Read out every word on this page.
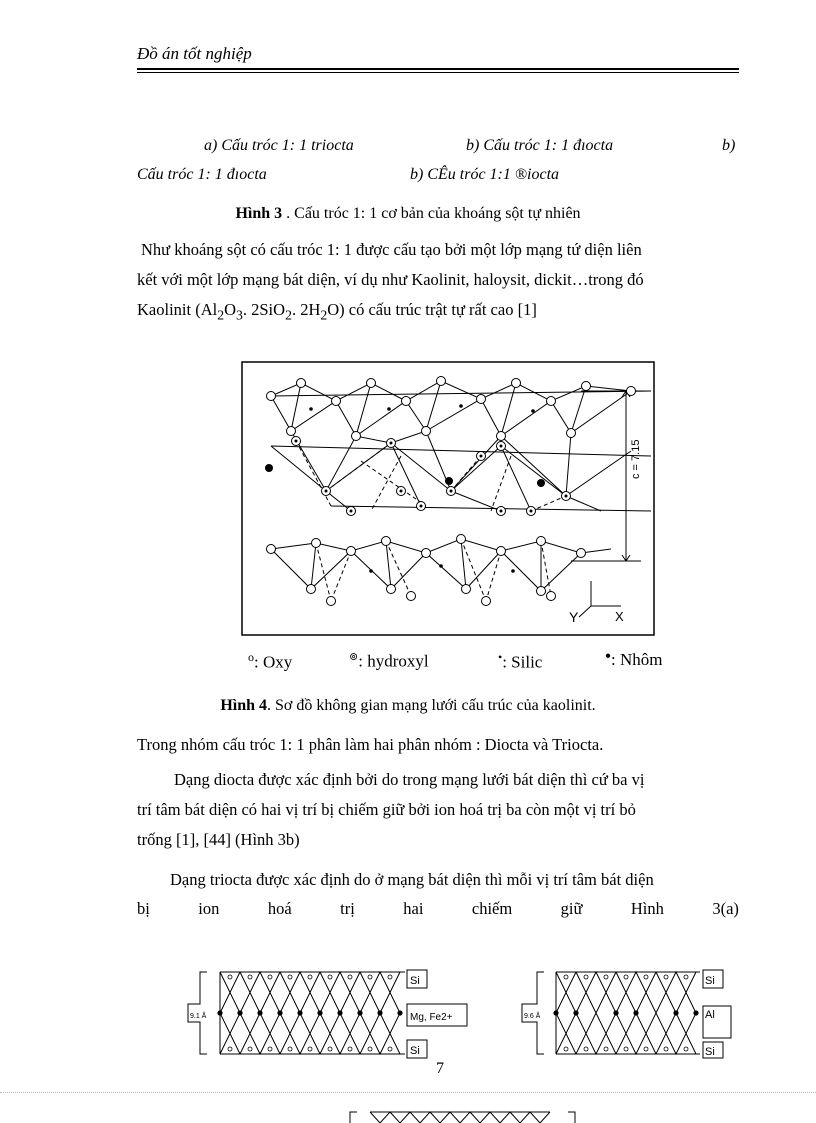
Đồ án tốt nghiệp
a) Cấu tróc 1: 1 triocta	b) Cấu tróc 1: 1 đıocta	b)
Cấu tróc 1: 1 đıocta	b) CÊu tróc 1:1 ®iocta
Hình 3 . Cấu tróc 1: 1 cơ bản của khoáng sột tự nhiên
Như khoáng sột có cấu tróc 1: 1 được cấu tạo bởi một lớp mạng tứ diện liên
kết với một lớp mạng bát diện, ví dụ như Kaolinit, haloysit, dickit…trong đó
Kaolinit ($Al_2O_3$. 2SiO$_2$. $2H_2O$) có cấu trúc trật tự rất cao [1]
c = 7.15
Y	X
$^o$: Oxy	⊚: hydroxyl	•: Silic	●: Nhôm
Hình 4. Sơ đồ không gian mạng lưới cấu trúc của kaolinit.
Trong nhóm cấu tróc 1: 1 phân làm hai phân nhóm : Diocta và Triocta.
Dạng diocta được xác định bởi do trong mạng lưới bát diện thì cứ ba vị
trí tâm bát diện có hai vị trí bị chiếm giữ bởi ion hoá trị ba còn một vị trí bỏ
trống [1], [44] (Hình 3b)
Dạng triocta được xác định do ở mạng bát diện thì mỗi vị trí tâm bát diện
bị	ion	hoá	trị	hai	chiếm	giữ	Hình	3(a)
9.1 Å
Si
Mg, Fe2+
Si
9.6 Å
Si
Al
Si
7
